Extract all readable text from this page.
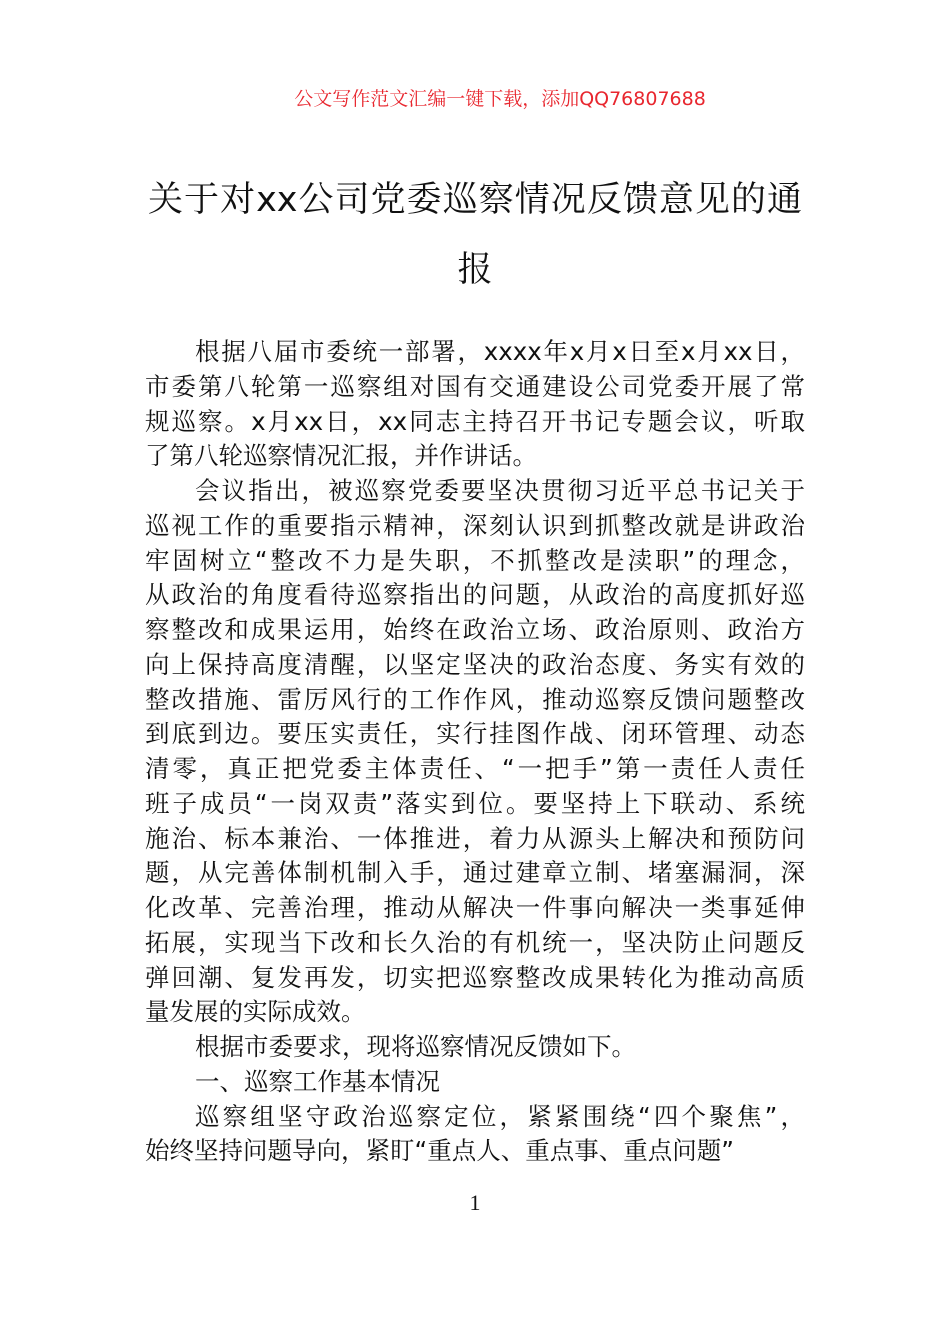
公文写作范文汇编一键下载，添加QQ76807688
关于对xx公司党委巡察情况反馈意见的通
报
根据八届市委统一部署，xxxx年x月x日至x月xx日，
市委第八轮第一巡察组对国有交通建设公司党委开展了常
规巡察。x月xx日，xx同志主持召开书记专题会议，听取
了第八轮巡察情况汇报，并作讲话。
会议指出，被巡察党委要坚决贯彻习近平总书记关于
巡视工作的重要指示精神，深刻认识到抓整改就是讲政治
牢固树立“整改不力是失职，不抓整改是渎职”的理念，
从政治的角度看待巡察指出的问题，从政治的高度抓好巡
察整改和成果运用，始终在政治立场、政治原则、政治方
向上保持高度清醒，以坚定坚决的政治态度、务实有效的
整改措施、雷厉风行的工作作风，推动巡察反馈问题整改
到底到边。要压实责任，实行挂图作战、闭环管理、动态
清零，真正把党委主体责任、“一把手”第一责任人责任
班子成员“一岗双责”落实到位。要坚持上下联动、系统
施治、标本兼治、一体推进，着力从源头上解决和预防问
题，从完善体制机制入手，通过建章立制、堵塞漏洞，深
化改革、完善治理，推动从解决一件事向解决一类事延伸
拓展，实现当下改和长久治的有机统一，坚决防止问题反
弹回潮、复发再发，切实把巡察整改成果转化为推动高质
量发展的实际成效。
根据市委要求，现将巡察情况反馈如下。
一、巡察工作基本情况
巡察组坚守政治巡察定位，紧紧围绕“四个聚焦”，
始终坚持问题导向，紧盯“重点人、重点事、重点问题”
1
